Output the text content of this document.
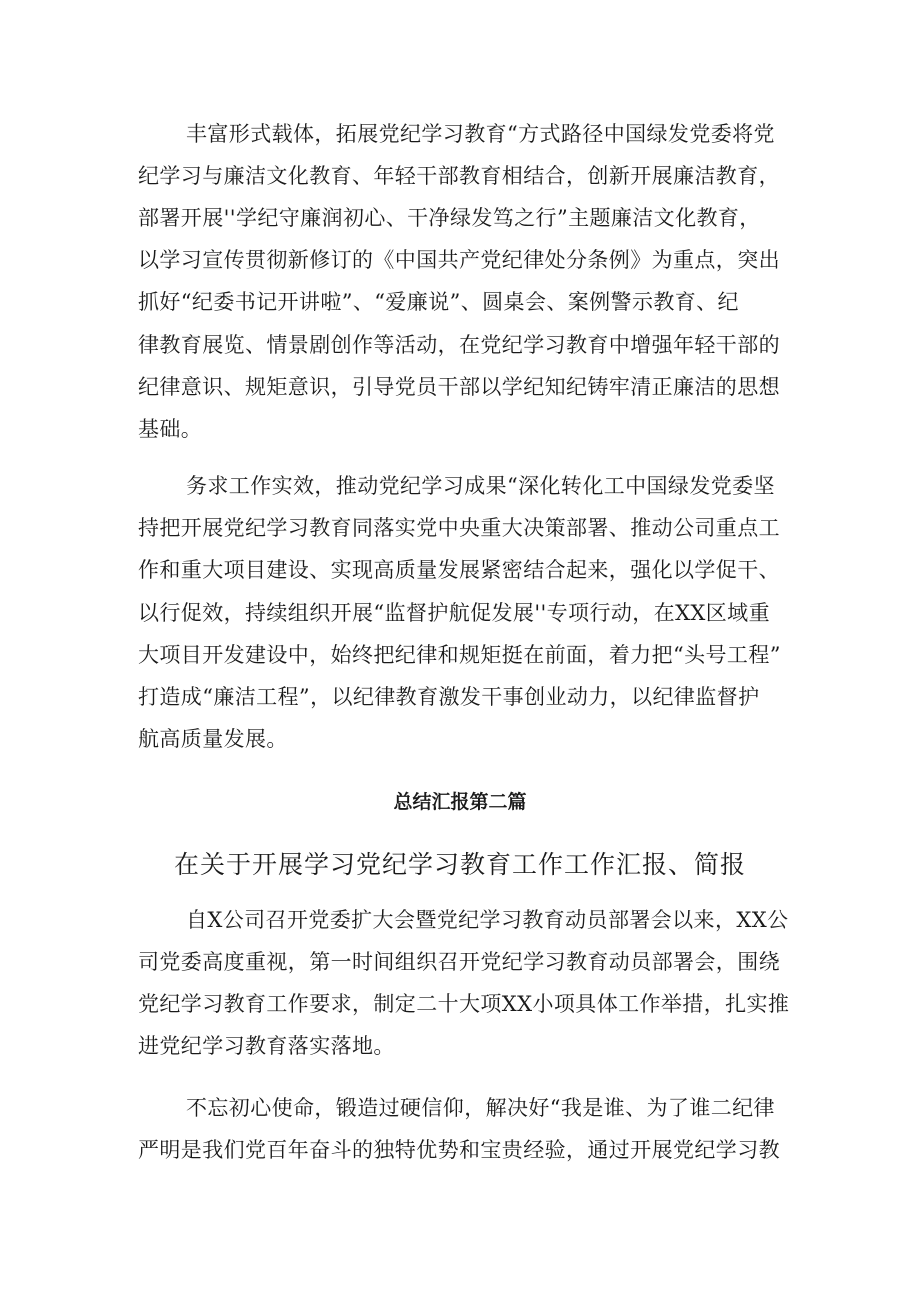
丰富形式载体，拓展党纪学习教育“方式路径中国绿发党委将党
纪学习与廉洁文化教育、年轻干部教育相结合，创新开展廉洁教育，
部署开展''学纪守廉润初心、干净绿发笃之行”主题廉洁文化教育，
以学习宣传贯彻新修订的《中国共产党纪律处分条例》为重点，突出
抓好“纪委书记开讲啦”、“爱廉说”、圆桌会、案例警示教育、纪
律教育展览、情景剧创作等活动，在党纪学习教育中增强年轻干部的
纪律意识、规矩意识，引导党员干部以学纪知纪铸牢清正廉洁的思想
基础。
务求工作实效，推动党纪学习成果“深化转化工中国绿发党委坚
持把开展党纪学习教育同落实党中央重大决策部署、推动公司重点工
作和重大项目建设、实现高质量发展紧密结合起来，强化以学促干、
以行促效，持续组织开展“监督护航促发展''专项行动，在XX区域重
大项目开发建设中，始终把纪律和规矩挺在前面，着力把“头号工程”
打造成“廉洁工程”，以纪律教育激发干事创业动力，以纪律监督护
航高质量发展。
总结汇报第二篇
在关于开展学习党纪学习教育工作工作汇报、简报
自X公司召开党委扩大会暨党纪学习教育动员部署会以来，XX公
司党委高度重视，第一时间组织召开党纪学习教育动员部署会，围绕
党纪学习教育工作要求，制定二十大项XX小项具体工作举措，扎实推
进党纪学习教育落实落地。
不忘初心使命，锻造过硬信仰，解决好“我是谁、为了谁二纪律
严明是我们党百年奋斗的独特优势和宝贵经验，通过开展党纪学习教
